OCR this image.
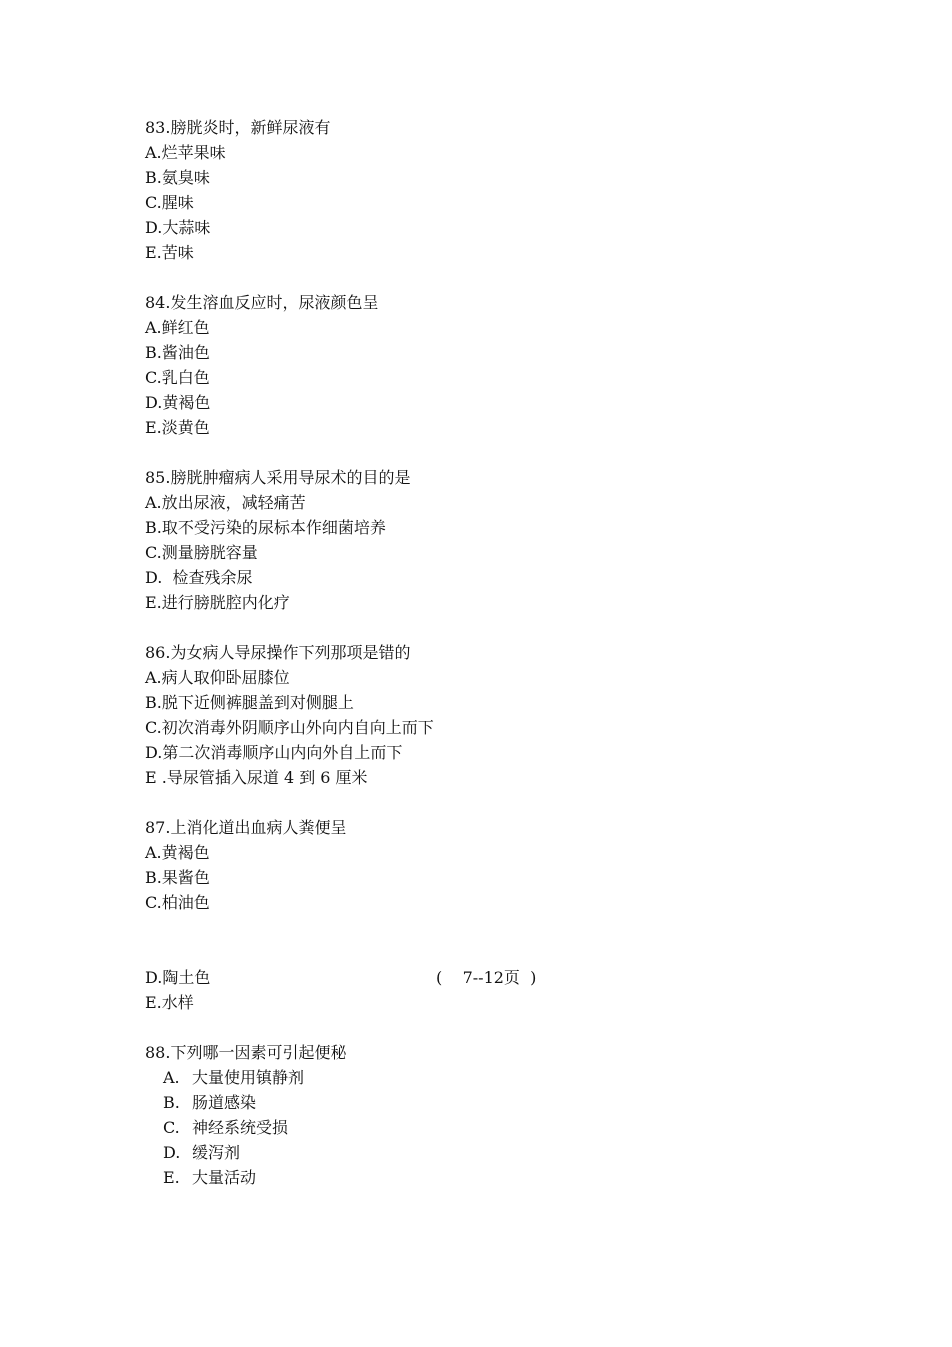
83.膀胱炎时，新鲜尿液有
A.烂苹果味
B.氨臭味
C.腥味
D.大蒜味
E.苦味
84.发生溶血反应时，尿液颜色呈
A.鲜红色
B.酱油色
C.乳白色
D.黄褐色
E.淡黄色
85.膀胱肿瘤病人采用导尿术的目的是
A.放出尿液，减轻痛苦
B.取不受污染的尿标本作细菌培养
C.测量膀胱容量
D.  检查残余尿
E.进行膀胱腔内化疗
86.为女病人导尿操作下列那项是错的
A.病人取仰卧屈膝位
B.脱下近侧裤腿盖到对侧腿上
C.初次消毒外阴顺序山外向内自向上而下
D.第二次消毒顺序山内向外自上而下
E .导尿管插入尿道 4 到 6 厘米
87.上消化道出血病人粪便呈
A.黄褐色
B.果酱色
C.柏油色

(    7--12页  )

D.陶土色
E.水样
88.下列哪一因素可引起便秘
A. 大量使用镇静剂
B. 肠道感染
C. 神经系统受损
D. 缓泻剂
E. 大量活动
